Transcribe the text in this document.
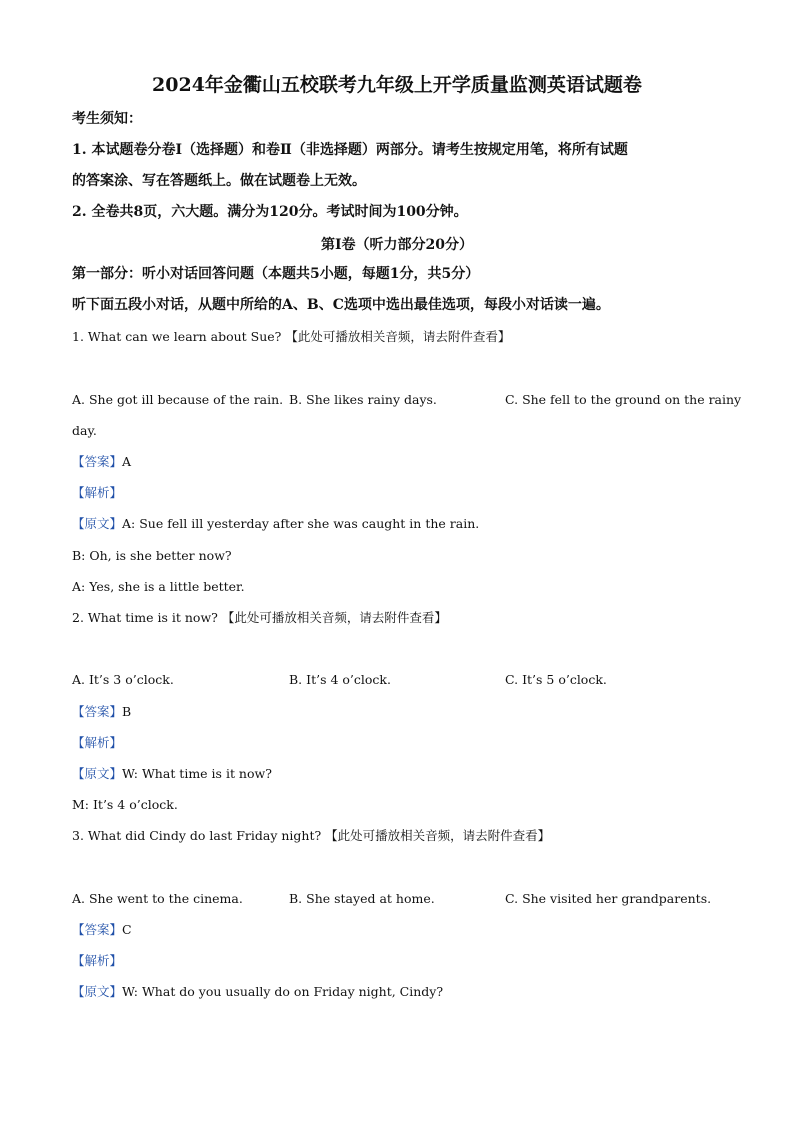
2024年金衢山五校联考九年级上开学质量监测英语试题卷
考生须知：
1. 本试题卷分卷Ⅰ（选择题）和卷Ⅱ（非选择题）两部分。请考生按规定用笔，将所有试题
的答案涂、写在答题纸上。做在试题卷上无效。
2. 全卷共8页，六大题。满分为120分。考试时间为100分钟。
第Ⅰ卷（听力部分20分）
第一部分：听小对话回答问题（本题共5小题，每题1分，共5分）
听下面五段小对话，从题中所给的A、B、C选项中选出最佳选项，每段小对话读一遍。
1. What can we learn about Sue? 【此处可播放相关音频，请去附件查看】
A. She got ill because of the rain. B. She likes rainy days.	C. She fell to the ground on the rainy
day.
【答案】A
【解析】
【原文】A: Sue fell ill yesterday after she was caught in the rain.
B: Oh, is she better now?
A: Yes, she is a little better.
2. What time is it now? 【此处可播放相关音频，请去附件查看】
A. It’s 3 o’clock.	B. It’s 4 o’clock.	C. It’s 5 o’clock.
【答案】B
【解析】
【原文】W: What time is it now?
M: It’s 4 o’clock.
3. What did Cindy do last Friday night? 【此处可播放相关音频，请去附件查看】
A. She went to the cinema.	B. She stayed at home.	C. She visited her grandparents.
【答案】C
【解析】
【原文】W: What do you usually do on Friday night, Cindy?
